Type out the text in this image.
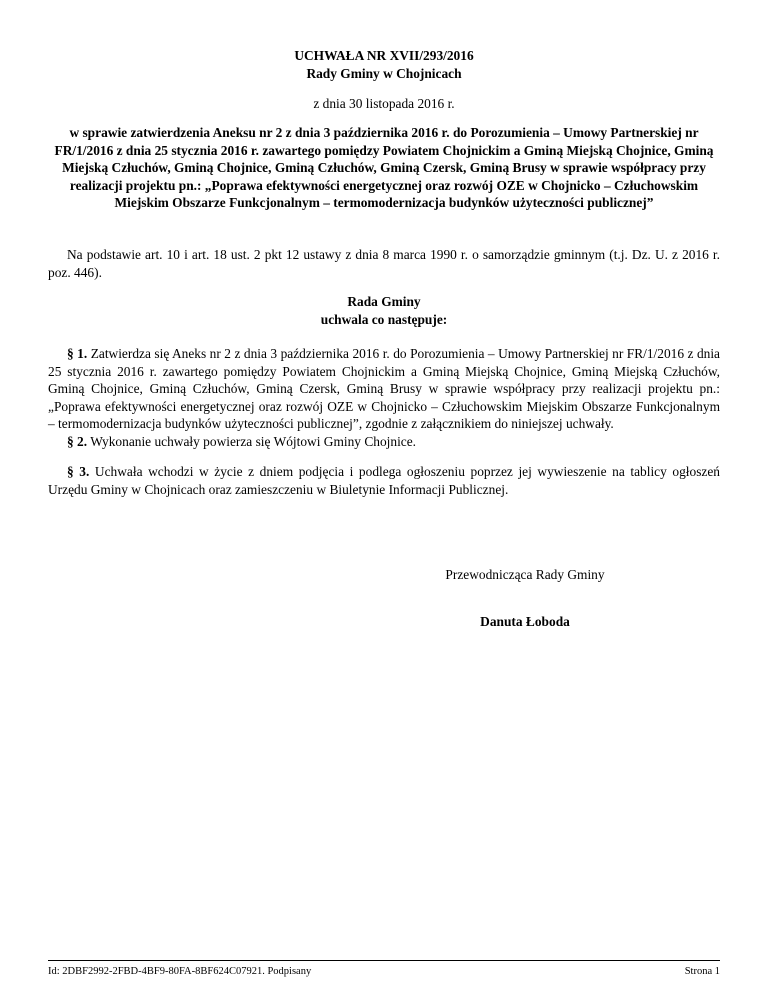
UCHWAŁA NR XVII/293/2016
Rady Gminy w Chojnicach
z dnia 30 listopada 2016 r.
w sprawie zatwierdzenia Aneksu nr 2 z dnia 3 października 2016 r. do Porozumienia – Umowy Partnerskiej nr FR/1/2016 z dnia 25 stycznia 2016 r. zawartego pomiędzy Powiatem Chojnickim a Gminą Miejską Chojnice, Gminą Miejską Człuchów, Gminą Chojnice, Gminą Człuchów, Gminą Czersk, Gminą Brusy w sprawie współpracy przy realizacji projektu pn.: „Poprawa efektywności energetycznej oraz rozwój OZE w Chojnicko – Człuchowskim Miejskim Obszarze Funkcjonalnym – termomodernizacja budynków użyteczności publicznej”
Na podstawie art. 10 i art. 18 ust. 2 pkt 12 ustawy z dnia 8 marca 1990 r. o samorządzie gminnym (t.j. Dz. U. z 2016 r. poz. 446).
Rada Gminy
uchwala co następuje:
§ 1. Zatwierdza się Aneks nr 2 z dnia 3 października 2016 r. do Porozumienia – Umowy Partnerskiej nr FR/1/2016 z dnia 25 stycznia 2016 r. zawartego pomiędzy Powiatem Chojnickim a Gminą Miejską Chojnice, Gminą Miejską Człuchów, Gminą Chojnice, Gminą Człuchów, Gminą Czersk, Gminą Brusy w sprawie współpracy przy realizacji projektu pn.: „Poprawa efektywności energetycznej oraz rozwój OZE w Chojnicko – Człuchowskim Miejskim Obszarze Funkcjonalnym – termomodernizacja budynków użyteczności publicznej”, zgodnie z załącznikiem do niniejszej uchwały.
§ 2. Wykonanie uchwały powierza się Wójtowi Gminy Chojnice.
§ 3. Uchwała wchodzi w życie z dniem podjęcia i podlega ogłoszeniu poprzez jej wywieszenie na tablicy ogłoszeń Urzędu Gminy w Chojnicach oraz zamieszczeniu w Biuletynie Informacji Publicznej.
Przewodnicząca Rady Gminy
Danuta Łoboda
Id: 2DBF2992-2FBD-4BF9-80FA-8BF624C07921. Podpisany	Strona 1
